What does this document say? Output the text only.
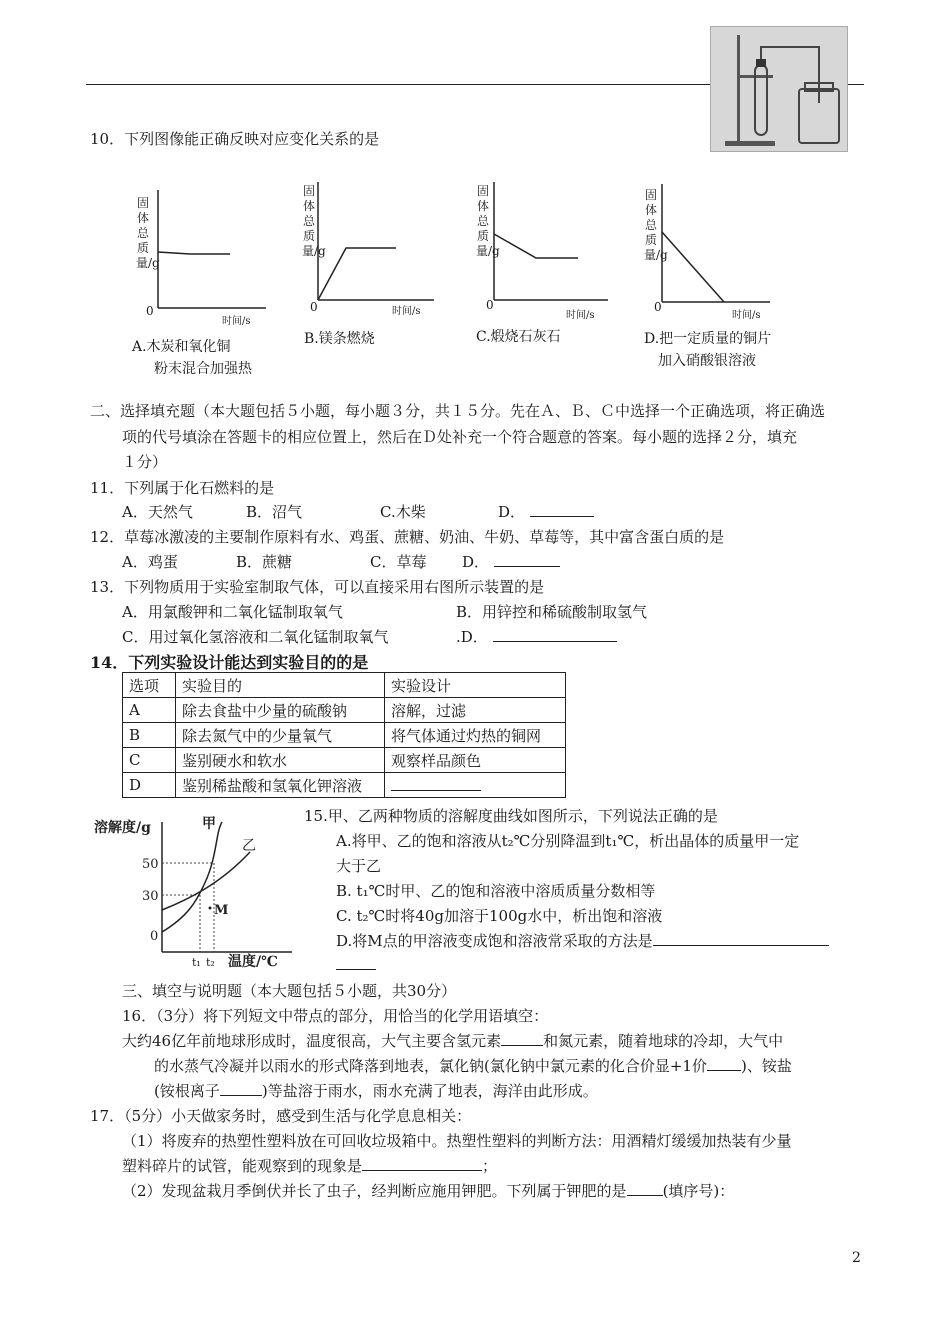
10．下列图像能正确反映对应变化关系的是
固体总质量/g
0
时间/s
A.木炭和氧化铜
粉末混合加强热
固体总质量/g
0	时间/s
B.镁条燃烧
固体总质量/g
0
时间/s
C.煅烧石灰石
固体总质量/g
0
时间/s
D.把一定质量的铜片
加入硝酸银溶液
二、选择填充题（本大题包括５小题，每小题３分，共１５分。先在Ａ、Ｂ、Ｃ中选择一个正确选项，将正确选
项的代号填涂在答题卡的相应位置上，然后在Ｄ处补充一个符合题意的答案。每小题的选择２分，填充
１分）
11．下列属于化石燃料的是
A．天然气	B．沼气	C.木柴	D．
12．草莓冰激凌的主要制作原料有水、鸡蛋、蔗糖、奶油、牛奶、草莓等，其中富含蛋白质的是
A．鸡蛋	B．蔗糖	C．草莓 D．
13．下列物质用于实验室制取气体，可以直接采用右图所示装置的是
A．用氯酸钾和二氧化锰制取氧气	B．用锌控和稀硫酸制取氢气
C．用过氧化氢溶液和二氧化锰制取氧气	.D．
14．下列实验设计能达到实验目的的是
选项	实验目的	实验设计
A	除去食盐中少量的硫酸钠	溶解，过滤
B	除去氮气中的少量氧气	将气体通过灼热的铜网
C	鉴别硬水和软水	观察样品颜色
D	鉴别稀盐酸和氢氧化钾溶液	
溶解度/g	甲
乙
50
30
0
M
t₁ t₂ 温度/℃
15.甲、乙两种物质的溶解度曲线如图所示，下列说法正确的是
A.将甲、乙的饱和溶液从t₂℃分别降温到t₁℃，析出晶体的质量甲一定
大于乙
B. t₁℃时甲、乙的饱和溶液中溶质质量分数相等
C. t₂℃时将40g加溶于100g水中，析出饱和溶液
D.将M点的甲溶液变成饱和溶液常采取的方法是
三、填空与说明题（本大题包括５小题，共30分）
16．（3分）将下列短文中带点的部分，用恰当的化学用语填空：
大约46亿年前地球形成时，温度很高，大气主要含氢元素	和氮元素，随着地球的冷却，大气中
的水蒸气冷凝并以雨水的形式降落到地表，氯化钠(氯化钠中氯元素的化合价显+1价 )、铵盐
(铵根离子	)等盐溶于雨水，雨水充满了地表，海洋由此形成。
17．（5分）小天做家务时，感受到生活与化学息息相关：
（1）将废弃的热塑性塑料放在可回收垃圾箱中。热塑性塑料的判断方法：用酒精灯缓缓加热装有少量
塑料碎片的试管，能观察到的现象是	；
（2）发现盆栽月季倒伏并长了虫子，经判断应施用钾肥。下列属于钾肥的是 (填序号)：
2
